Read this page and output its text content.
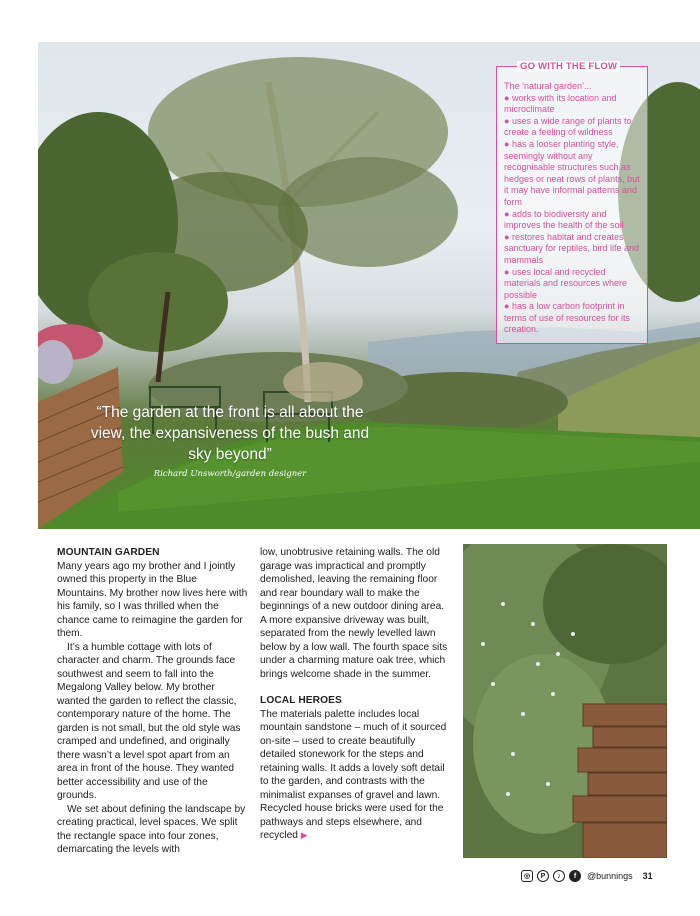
“The garden at the front is all about the view, the expansiveness of the bush and sky beyond”
Richard Unsworth/garden designer
GO WITH THE FLOW
The ‘natural garden’...
● works with its location and microclimate
● uses a wide range of plants to create a feeling of wildness
● has a looser planting style, seemingly without any recognisable structures such as hedges or neat rows of plants, but it may have informal patterns and form
● adds to biodiversity and improves the health of the soil
● restores habitat and creates sanctuary for reptiles, bird life and mammals
● uses local and recycled materials and resources where possible
● has a low carbon footprint in terms of use of resources for its creation.
MOUNTAIN GARDEN

Many years ago my brother and I jointly owned this property in the Blue Mountains. My brother now lives here with his family, so I was thrilled when the chance came to reimagine the garden for them.

It’s a humble cottage with lots of character and charm. The grounds face southwest and seem to fall into the Megalong Valley below. My brother wanted the garden to reflect the classic, contemporary nature of the home. The garden is not small, but the old style was cramped and undefined, and originally there wasn’t a level spot apart from an area in front of the house. They wanted better accessibility and use of the grounds.

We set about defining the landscape by creating practical, level spaces. We split the rectangle space into four zones, demarcating the levels with

low, unobtrusive retaining walls. The old garage was impractical and promptly demolished, leaving the remaining floor and rear boundary wall to make the beginnings of a new outdoor dining area. A more expansive driveway was built, separated from the newly levelled lawn below by a low wall. The fourth space sits under a charming mature oak tree, which brings welcome shade in the summer.

LOCAL HEROES

The materials palette includes local mountain sandstone – much of it sourced on-site – used to create beautifully detailed stonework for the steps and retaining walls. It adds a lovely soft detail to the garden, and contrasts with the minimalist expanses of gravel and lawn. Recycled house bricks were used for the pathways and steps elsewhere, and recycled ▶

◎	P	♪	f	@bunnings 31
